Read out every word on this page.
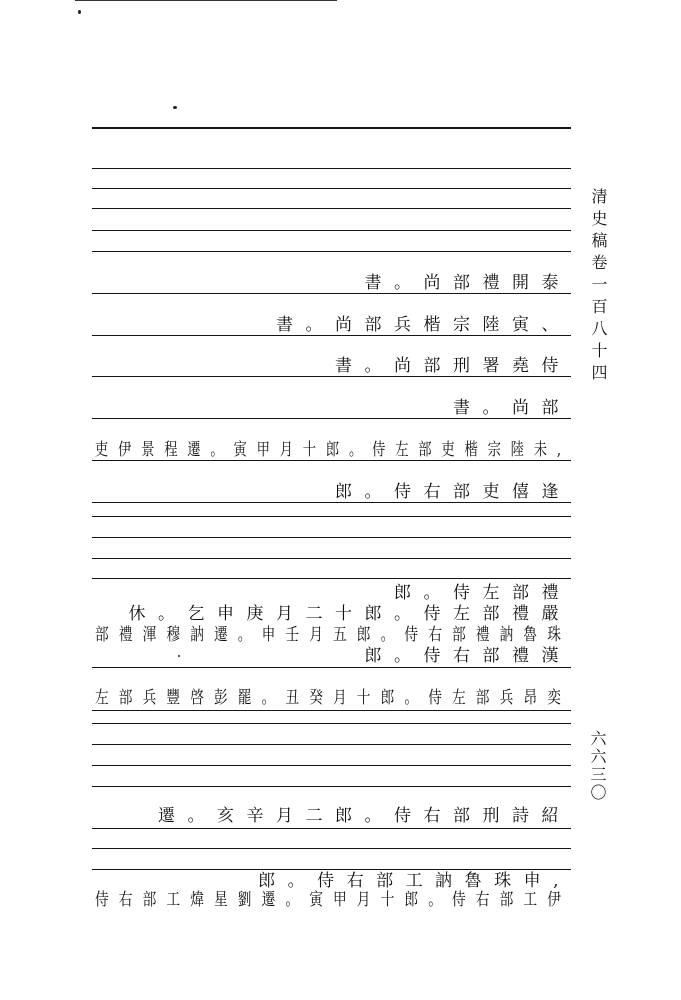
書。尚部禮開泰
書。尚部兵楷宗陸寅、
書。尚部刑署堯侍
書。尚部
吏伊景程遷。寅甲月十郎。侍左部吏楷宗陸未,
郎。侍右部吏僖逢
郎。侍左部禮
休。乞申庚月二十郎。侍左部禮嚴
部禮渾穆訥遷。申壬月五郎。侍右部禮訥魯珠
郎。侍右部禮漢
左部兵豐啓彭罷。丑癸月十郎。侍左部兵昂奕
遷。亥辛月二郎。侍右部刑詩紹
郎。侍右部工訥魯珠申,
侍右部工煒星劉遷。寅甲月十郎。侍右部工伊
清史稿卷一百八十四
六六三〇
